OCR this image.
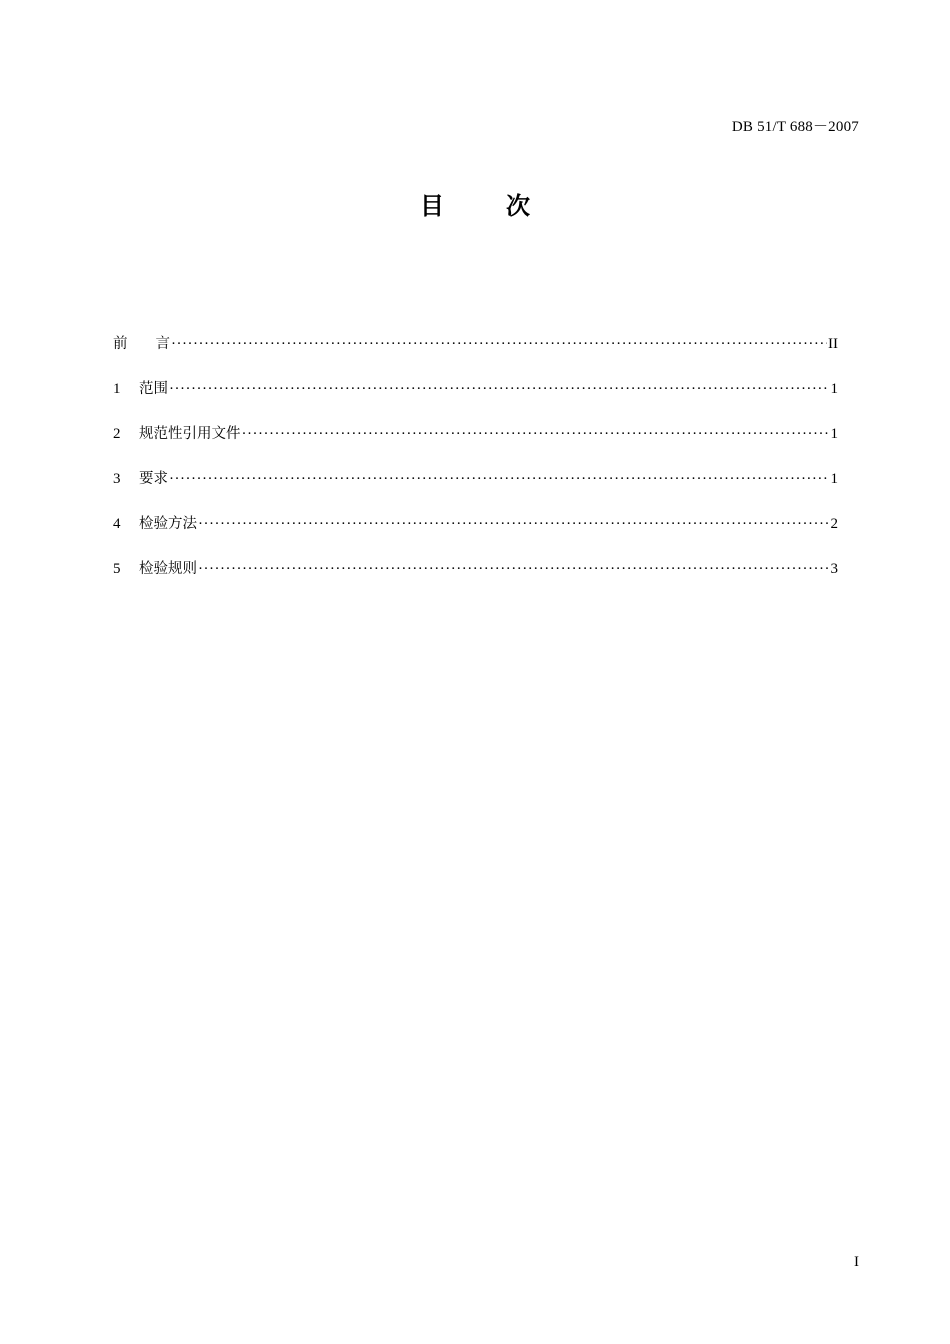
DB 51/T 688－2007
目	次
前 言 ·····	II
1	范围 ·····	1
2	规范性引用文件 ·····	1
3	要求 ·····	1
4	检验方法 ·····	2
5	检验规则 ·····	3
I
